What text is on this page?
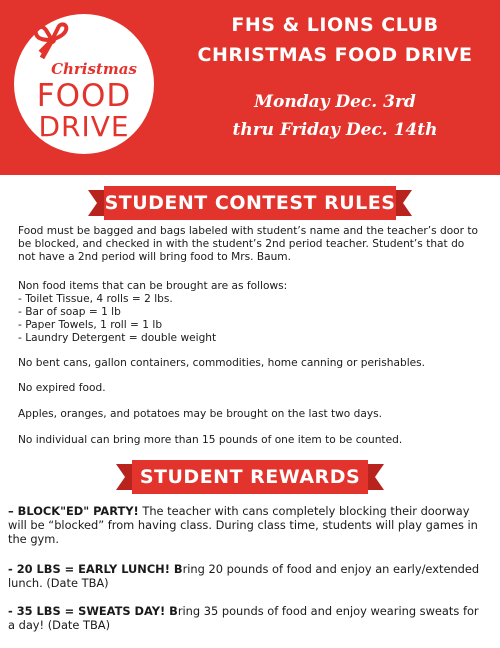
Christmas
FOOD
DRIVE
FHS & LIONS CLUB
CHRISTMAS FOOD DRIVE
Monday Dec. 3rd
thru Friday Dec. 14th
STUDENT CONTEST RULES
Food must be bagged and bags labeled with student’s name and the teacher’s door to be blocked, and checked in with the student’s 2nd period teacher. Student’s that do not have a 2nd period will bring food to Mrs. Baum.
Non food items that can be brought are as follows:
- Toilet Tissue, 4 rolls = 2 lbs.
- Bar of soap = 1 lb
- Paper Towels, 1 roll = 1 lb
- Laundry Detergent = double weight
No bent cans, gallon containers, commodities, home canning or perishables.
No expired food.
Apples, oranges, and potatoes may be brought on the last two days.
No individual can bring more than 15 pounds of one item to be counted.
STUDENT REWARDS
– BLOCK"ED" PARTY! The teacher with cans completely blocking their doorway will be “blocked” from having class. During class time, students will play games in the gym.
- 20 LBS = EARLY LUNCH! Bring 20 pounds of food and enjoy an early/extended lunch. (Date TBA)
- 35 LBS = SWEATS DAY! Bring 35 pounds of food and enjoy wearing sweats for a day! (Date TBA)
